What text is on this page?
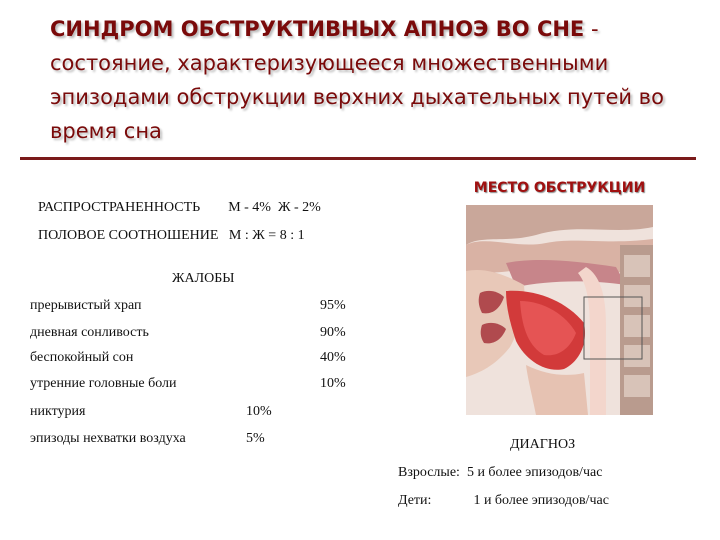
СИНДРОМ ОБСТРУКТИВНЫХ АПНОЭ ВО СНЕ - состояние, характеризующееся множественными эпизодами обструкции верхних дыхательных путей во время сна
РАСПРОСТРАНЕННОСТЬ М - 4%  Ж - 2%
ПОЛОВОЕ СООТНОШЕНИЕ М : Ж = 8 : 1
ЖАЛОБЫ
прерывистый храп	95%
дневная сонливость	90%
беспокойный сон	40%
утренние головные боли	10%
никтурия	10%
эпизоды нехватки воздуха	5%
МЕСТО ОБСТРУКЦИИ
ДИАГНОЗ
Взрослые: 5 и более эпизодов/час
Дети:	1 и более эпизодов/час
